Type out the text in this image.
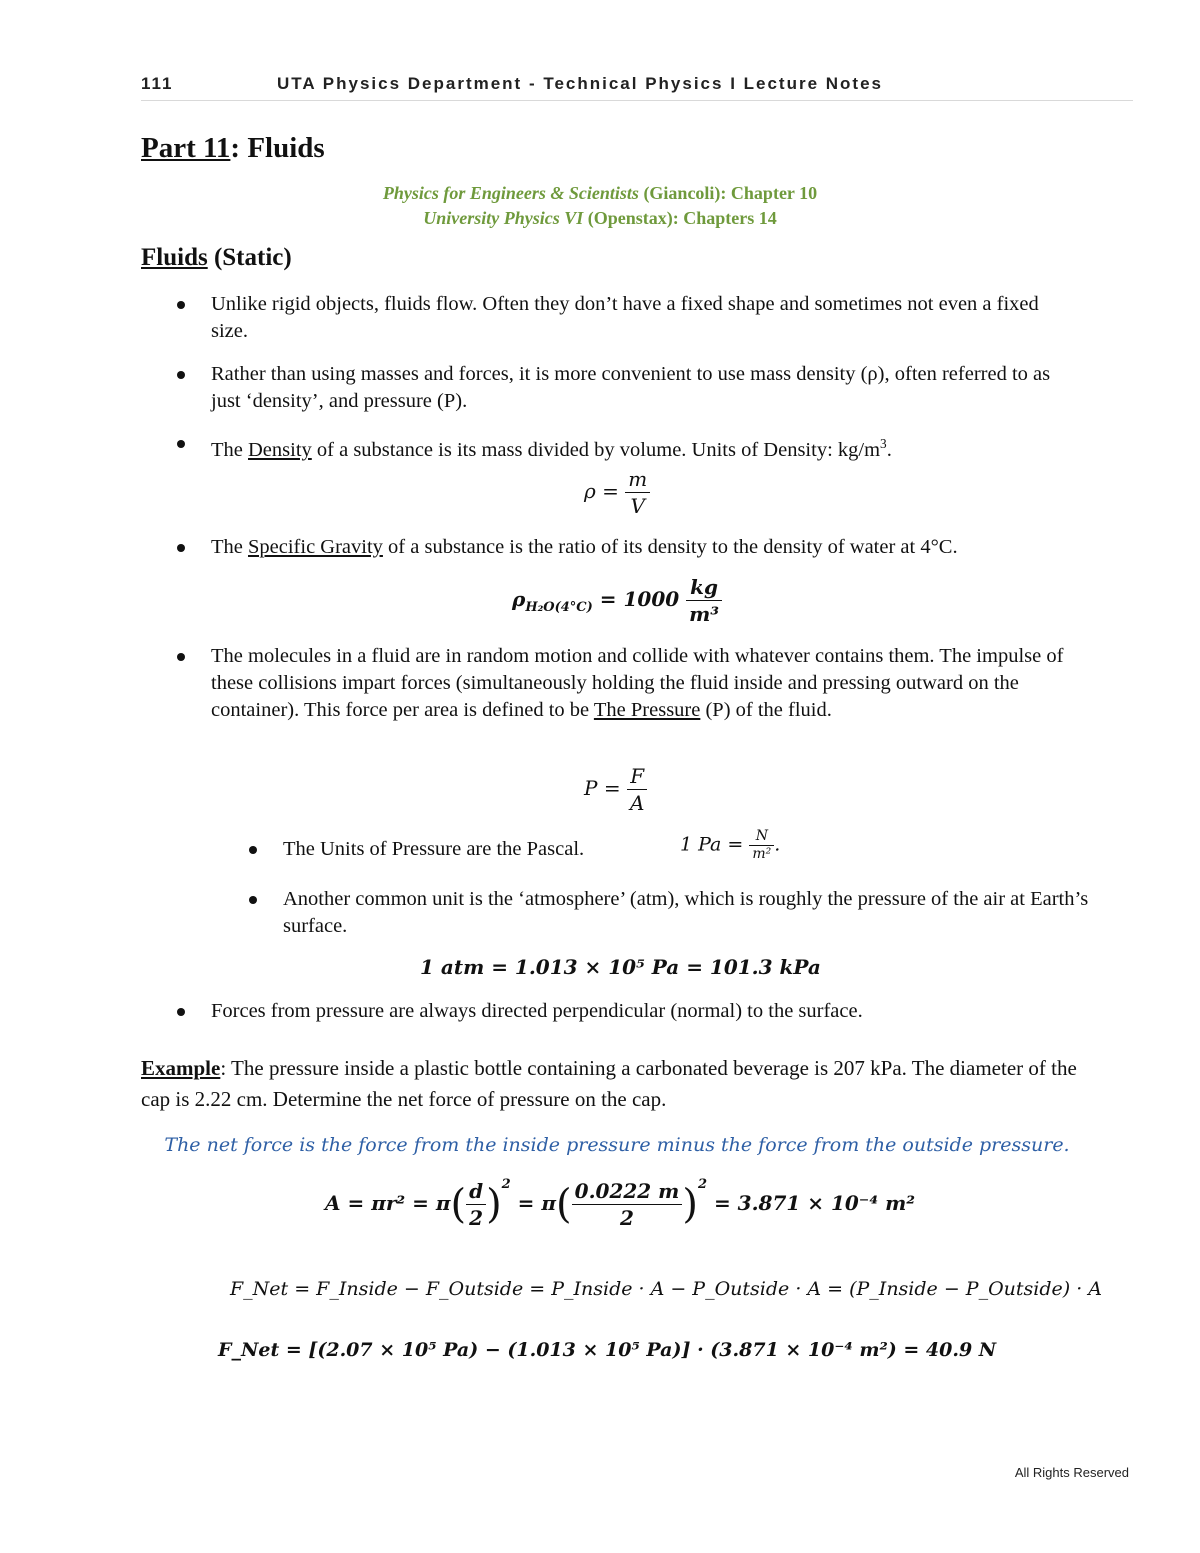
111	UTA Physics Department - Technical Physics I Lecture Notes
Part 11: Fluids
Physics for Engineers & Scientists (Giancoli): Chapter 10
University Physics VI (Openstax): Chapters 14
Fluids (Static)
Unlike rigid objects, fluids flow. Often they don’t have a fixed shape and sometimes not even a fixed size.
Rather than using masses and forces, it is more convenient to use mass density (ρ), often referred to as just ‘density’, and pressure (P).
The Density of a substance is its mass divided by volume. Units of Density: $kg/m^3$.
$\rho = \frac{m}{V}$
The Specific Gravity of a substance is the ratio of its density to the density of water at 4°C.
$\rho_{H_2O(4^\circ C)} = 1000 \frac{kg}{\text{m³}}$
The molecules in a fluid are in random motion and collide with whatever contains them. The impulse of these collisions impart forces (simultaneously holding the fluid inside and pressing outward on the container). This force per area is defined to be The Pressure (P) of the fluid.
$P = \frac{F}{A}$
The Units of Pressure are the Pascal.	1 $Pa = \frac{N}{\text{m²}}$ .
Another common unit is the ‘atmosphere’ (atm), which is roughly the pressure of the air at Earth’s surface.
1 atm = 1.013 × 10⁵ Pa = 101.3 kPa
Forces from pressure are always directed perpendicular (normal) to the surface.
Example: The pressure inside a plastic bottle containing a carbonated beverage is 207 kPa. The diameter of the cap is 2.22 cm. Determine the net force of pressure on the cap.
The net force is the force from the inside pressure minus the force from the outside pressure.
$A = \pi r^2 = \pi( \frac{d}{2} )^2 = \pi( \frac{0.0222 m}{2} )^2 = 3.871 \times 10^{-4}$ m²
F_Net = F_Inside − F_Outside = P_Inside · A − P_Outside · A = (P_Inside − P_Outside) · A
F_Net = [(2.07 × 10⁵ Pa) − (1.013 × 10⁵ Pa)] · (3.871 × 10⁻⁴ m²) = 40.9 N
All Rights Reserved
